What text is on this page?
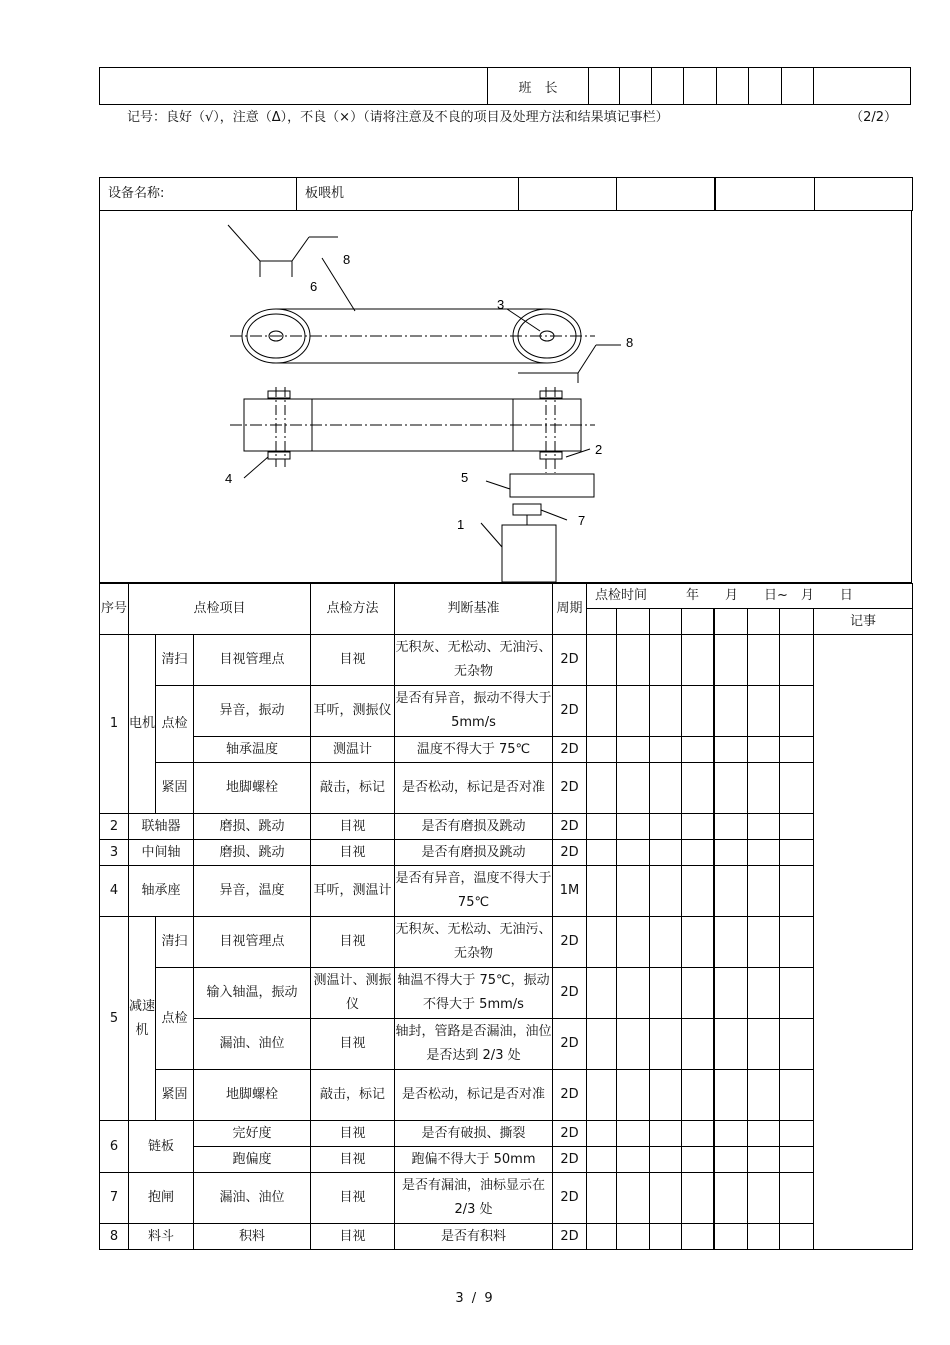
	班　长								
记号：良好（√），注意（Δ），不良（×）（请将注意及不良的项目及处理方法和结果填记事栏）	（2/2）
设备名称:	板喂机				
8
6
3
8
2
4	5
7
1
序号	点检项目			点检方法	判断基准	周期	点检时间　　　年　　月　　日~　月　　日							
														记事
1	电机	清扫	目视管理点	目视	无积灰、无松动、无油污、无杂物	2D								
		点检	异音，振动	耳听，测振仪	是否有异音，振动不得大于 5mm/s	2D								
			轴承温度	测温计	温度不得大于 75℃	2D								
		紧固	地脚螺栓	敲击，标记	是否松动，标记是否对准	2D								
2	联轴器		磨损、跳动	目视	是否有磨损及跳动	2D								
3	中间轴		磨损、跳动	目视	是否有磨损及跳动	2D								
4	轴承座		异音，温度	耳听，测温计	是否有异音，温度不得大于 75℃	1M								
5	减速机	清扫	目视管理点	目视	无积灰、无松动、无油污、无杂物	2D								
		点检	输入轴温，振动	测温计、测振仪	轴温不得大于 75℃，振动不得大于 5mm/s	2D								
			漏油、油位	目视	轴封，管路是否漏油，油位是否达到 2/3 处	2D								
		紧固	地脚螺栓	敲击，标记	是否松动，标记是否对准	2D								
6	链板		完好度	目视	是否有破损、撕裂	2D								
			跑偏度	目视	跑偏不得大于 50mm	2D								
7	抱闸		漏油、油位	目视	是否有漏油，油标显示在 2/3 处	2D								
8	料斗		积料	目视	是否有积料	2D								
3 / 9
